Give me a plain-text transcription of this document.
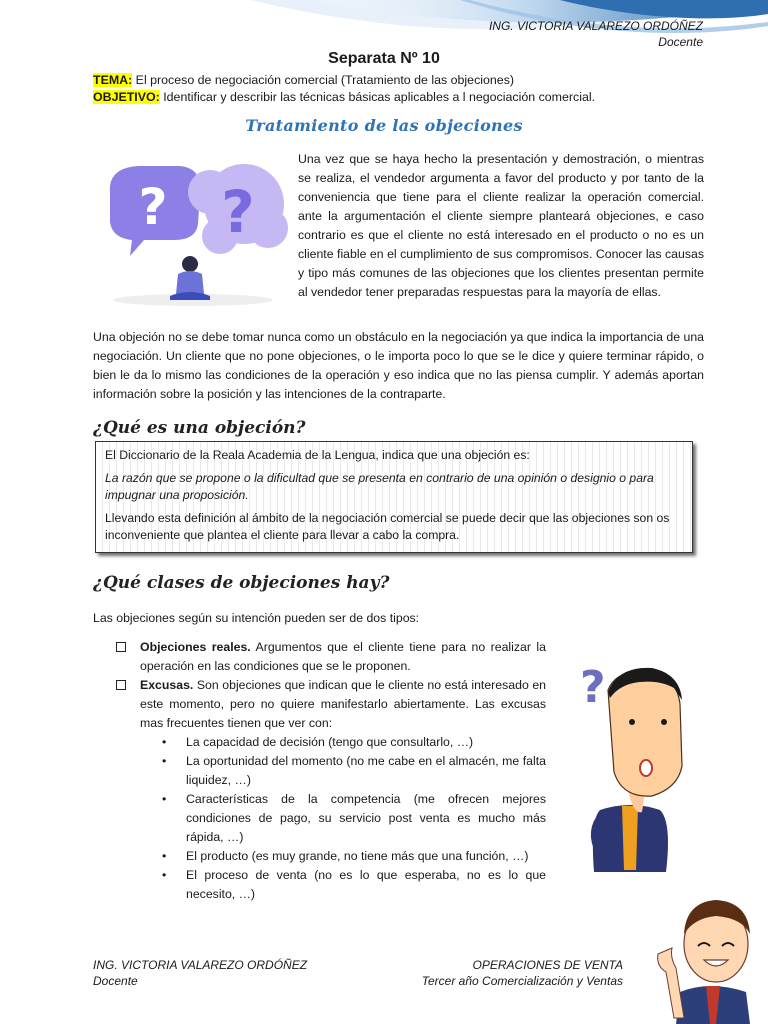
ING. VICTORIA VALAREZO ORDÓÑEZ
Docente
Separata Nº 10
TEMA: El proceso de negociación comercial (Tratamiento de las objeciones)
OBJETIVO: Identificar y describir las técnicas básicas aplicables a l negociación comercial.
Tratamiento de las objeciones
? ?
Una vez que se haya hecho la presentación y demostración, o mientras se realiza, el vendedor argumenta a favor del producto y por tanto de la conveniencia que tiene para el cliente realizar la operación comercial. ante la argumentación el cliente siempre planteará objeciones, e caso contrario es que el cliente no está interesado en el producto o no es un cliente fiable en el cumplimiento de sus compromisos. Conocer las causas y tipo más comunes de las objeciones que los clientes presentan permite al vendedor tener preparadas respuestas para la mayoría de ellas.
Una objeción no se debe tomar nunca como un obstáculo en la negociación ya que indica la importancia de una negociación. Un cliente que no pone objeciones, o le importa poco lo que se le dice y quiere terminar rápido, o bien le da lo mismo las condiciones de la operación y eso indica que no las piensa cumplir. Y además aportan información sobre la posición y las intenciones de la contraparte.
¿Qué es una objeción?

El Diccionario de la Reala Academia de la Lengua, indica que una objeción es:

La razón que se propone o la dificultad que se presenta en contrario de una opinión o designio o para impugnar una proposición.

Llevando esta definición al ámbito de la negociación comercial se puede decir que las objeciones son os inconveniente que plantea el cliente para llevar a cabo la compra.

¿Qué clases de objeciones hay?
Las objeciones según su intención pueden ser de dos tipos:
Objeciones reales. Argumentos que el cliente tiene para no realizar la operación en las condiciones que se le proponen.
Excusas. Son objeciones que indican que le cliente no está interesado en este momento, pero no quiere manifestarlo abiertamente. Las excusas mas frecuentes tienen que ver con:
• La capacidad de decisión (tengo que consultarlo, …)
• La oportunidad del momento (no me cabe en el almacén, me falta liquidez, …)
• Características de la competencia (me ofrecen mejores condiciones de pago, su servicio post venta es mucho más rápida, …)
• El producto (es muy grande, no tiene más que una función, …)
• El proceso de venta (no es lo que esperaba, no es lo que necesito, …)
?
ING. VICTORIA VALAREZO ORDÓÑEZ
Docente
OPERACIONES DE VENTA
Tercer año Comercialización y Ventas
